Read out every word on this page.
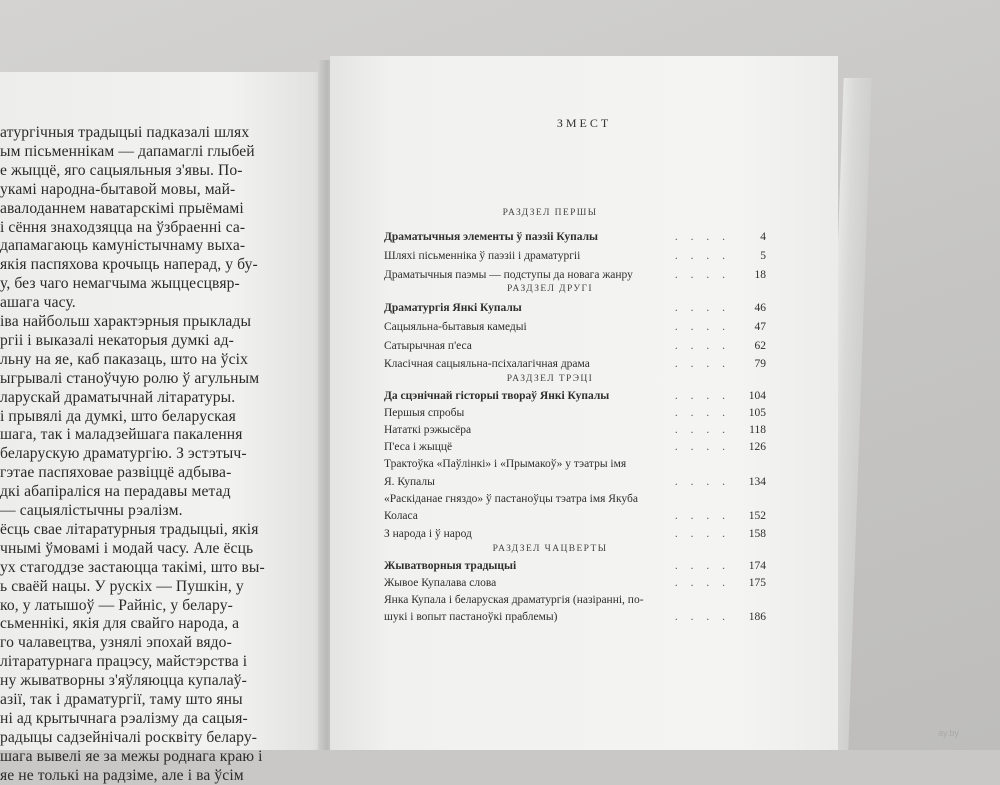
атургічныя традыцыі падказалі шлях
ым пісьменнікам — дапамаглі глыбей
е жыццё, яго сацыяльныя з'явы. По-
укамі народна-бытавой мовы, май-
авалоданнем наватарскімі прыёмамі
і сёння знаходзяцца на ўзбраенні са-
дапамагаюць камуністычнаму выха-
якія паспяхова крочыць наперад, у бу-
у, без чаго немагчыма жыццесцвяр-
ашага часу.
іва найбольш характэрныя прыклады
ргіі і выказалі некаторыя думкі ад-
льну на яе, каб паказаць, што на ўсіх
ыгрывалі станоўчую ролю ў агульным
ларускай драматычнай літаратуры.
і прывялі да думкі, што беларуская
шага, так і маладзейшага пакалення
беларускую драматургію. З эстэтыч-
гэтае паспяховае развіццё адбыва-
дкі абапіраліся на перадавы метад
— сацыялістычны рэалізм.
ёсць свае літаратурныя традыцыі, якія
чнымі ўмовамі і модай часу. Але ёсць
ух стагоддзе застаюцца такімі, што вы-
ь сваёй нацы. У рускіх — Пушкін, у
ко, у латышоў — Райніс, у белару-
сьменнікі, якія для свайго народа, а
го чалавецтва, узнялі эпохай вядо-
літаратурнага працэсу, майстэрства і
ну жыватворны з'яўляюцца купалаў-
азії, так і драматургії, таму што яны
ні ад крытычнага рэалізму да сацыя-
радыцы садзейнічалі росквіту белару-
шага вывелі яе за межы роднага краю і
яе не толькі на радзіме, але і ва ўсім
ЗМЕСТ
РАЗДЗЕЛ ПЕРШЫ
Драматычныя элементы ў паэзіі Купалы	. . . .	4
Шляхі пісьменніка ў паэзіі і драматургіі	. . . .	5
Драматычныя паэмы — подступы да новага жанру	. . . .	18
РАЗДЗЕЛ ДРУГІ
Драматургія Янкі Купалы	. . . .	46
Сацыяльна-бытавыя камедыі	. . . .	47
Сатырычная п'еса	. . . .	62
Класічная сацыяльна-псіхалагічная драма	. . . .	79
РАЗДЗЕЛ ТРЭЦІ
Да сцэнічнай гісторыі твораў Янкі Купалы	. . . .	104
Першыя спробы	. . . .	105
Нататкі рэжысёра	. . . .	118
П'еса і жыццё	. . . .	126
Трактоўка «Паўлінкі» і «Прымакоў» у тэатры імя
Я. Купалы	. . . .	134
«Раскіданае гняздо» ў пастаноўцы тэатра імя Якуба
Коласа	. . . .	152
З народа і ў народ	. . . .	158
РАЗДЗЕЛ ЧАЦВЕРТЫ
Жыватворныя традыцыі	. . . .	174
Жывое Купалава слова	. . . .	175
Янка Купала і беларуская драматургія (назіранні, по-
шукі і вопыт пастаноўкі праблемы)	. . . .	186
ay.by
